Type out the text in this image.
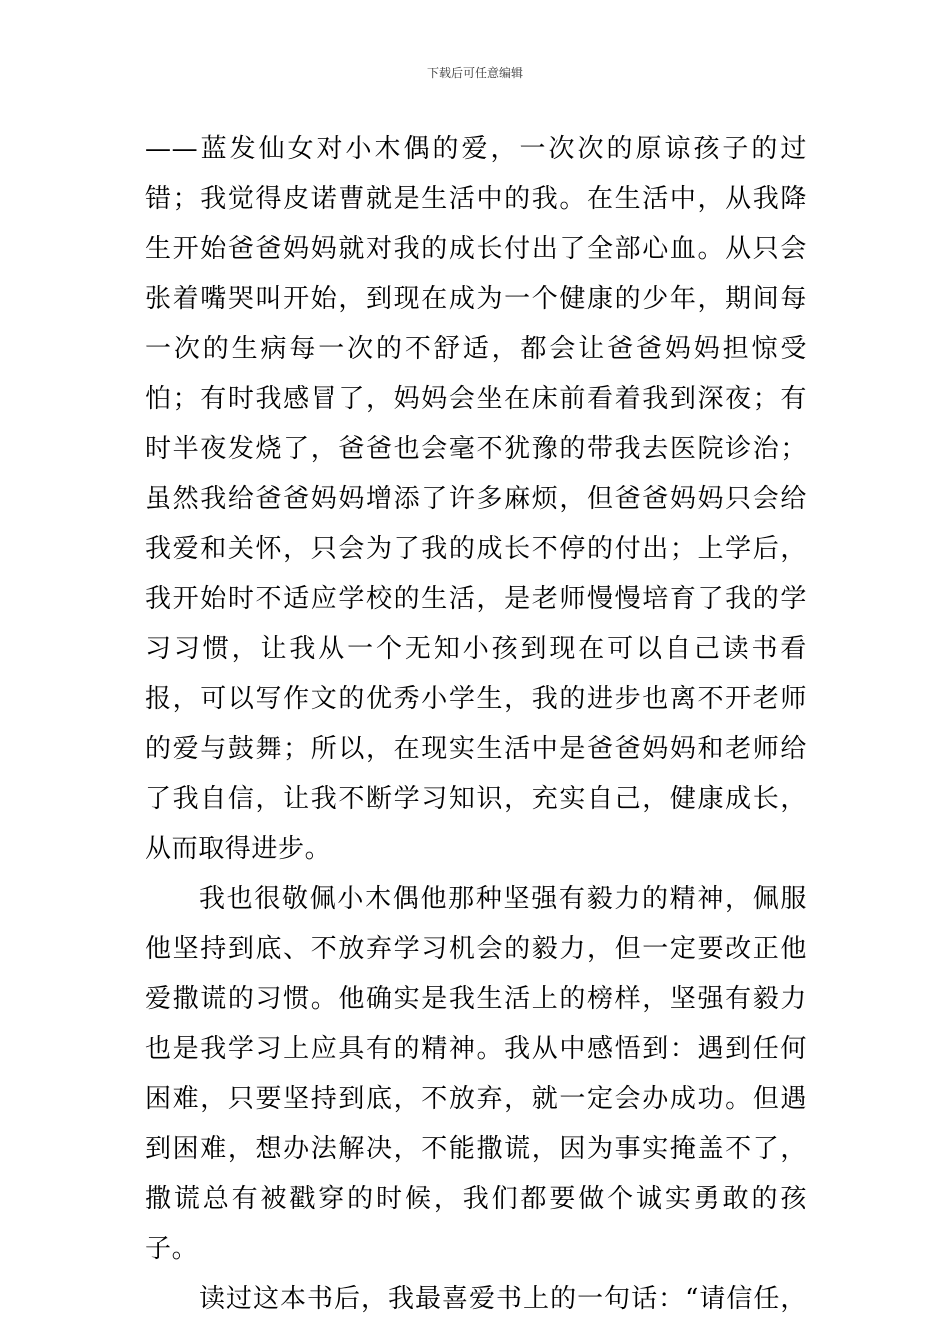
下载后可任意编辑

——蓝发仙女对小木偶的爱，一次次的原谅孩子的过错；我觉得皮诺曹就是生活中的我。在生活中，从我降生开始爸爸妈妈就对我的成长付出了全部心血。从只会张着嘴哭叫开始，到现在成为一个健康的少年，期间每一次的生病每一次的不舒适，都会让爸爸妈妈担惊受怕；有时我感冒了，妈妈会坐在床前看着我到深夜；有时半夜发烧了，爸爸也会毫不犹豫的带我去医院诊治；虽然我给爸爸妈妈增添了许多麻烦，但爸爸妈妈只会给我爱和关怀，只会为了我的成长不停的付出；上学后，我开始时不适应学校的生活，是老师慢慢培育了我的学习习惯，让我从一个无知小孩到现在可以自己读书看报，可以写作文的优秀小学生，我的进步也离不开老师的爱与鼓舞；所以，在现实生活中是爸爸妈妈和老师给了我自信，让我不断学习知识，充实自己，健康成长，从而取得进步。

我也很敬佩小木偶他那种坚强有毅力的精神，佩服他坚持到底、不放弃学习机会的毅力，但一定要改正他爱撒谎的习惯。他确实是我生活上的榜样，坚强有毅力也是我学习上应具有的精神。我从中感悟到：遇到任何困难，只要坚持到底，不放弃，就一定会办成功。但遇到困难，想办法解决，不能撒谎，因为事实掩盖不了，撒谎总有被戳穿的时候，我们都要做个诚实勇敢的孩子。

读过这本书后，我最喜爱书上的一句话：“请信任，
